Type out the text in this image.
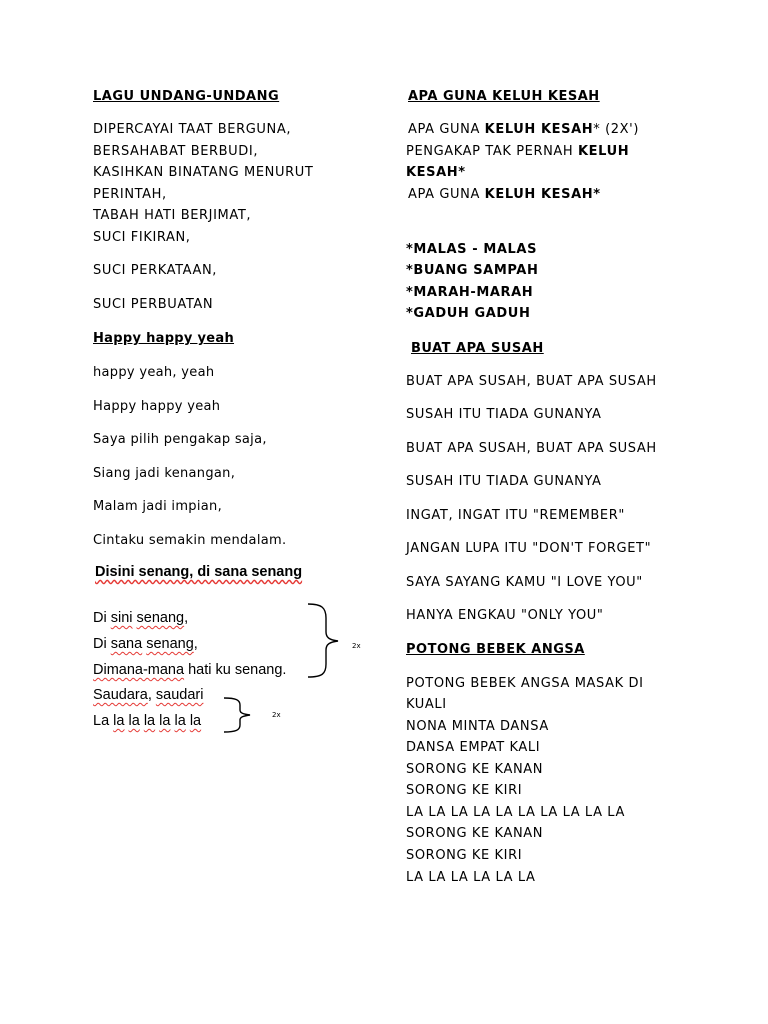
LAGU UNDANG-UNDANG
DIPERCAYAI TAAT BERGUNA,
BERSAHABAT BERBUDI,
KASIHKAN BINATANG MENURUT
PERINTAH,
TABAH HATI BERJIMAT,
SUCI FIKIRAN,
SUCI PERKATAAN,
SUCI PERBUATAN
Happy happy yeah
happy yeah, yeah
Happy happy yeah
Saya pilih pengakap saja,
Siang jadi kenangan,
Malam jadi impian,
Cintaku semakin mendalam.
Disini senang, di sana senang
Di sini senang,
Di sana senang,
Dimana-mana hati ku senang.
Saudara, saudari
La la la la la la la
2x
2x
APA GUNA KELUH KESAH
APA GUNA KELUH KESAH* (2X')
PENGAKAP TAK PERNAH KELUH
KESAH*
APA GUNA KELUH KESAH*
*MALAS - MALAS
*BUANG SAMPAH
*MARAH-MARAH
*GADUH GADUH
BUAT APA SUSAH
BUAT APA SUSAH, BUAT APA SUSAH
SUSAH ITU TIADA GUNANYA
BUAT APA SUSAH, BUAT APA SUSAH
SUSAH ITU TIADA GUNANYA
INGAT, INGAT ITU "REMEMBER"
JANGAN LUPA ITU "DON'T FORGET"
SAYA SAYANG KAMU "I LOVE YOU"
HANYA ENGKAU "ONLY YOU"
POTONG BEBEK ANGSA
POTONG BEBEK ANGSA MASAK DI
KUALI
NONA MINTA DANSA
DANSA EMPAT KALI
SORONG KE KANAN
SORONG KE KIRI
LA LA LA LA LA LA LA LA LA LA
SORONG KE KANAN
SORONG KE KIRI
LA LA LA LA LA LA
